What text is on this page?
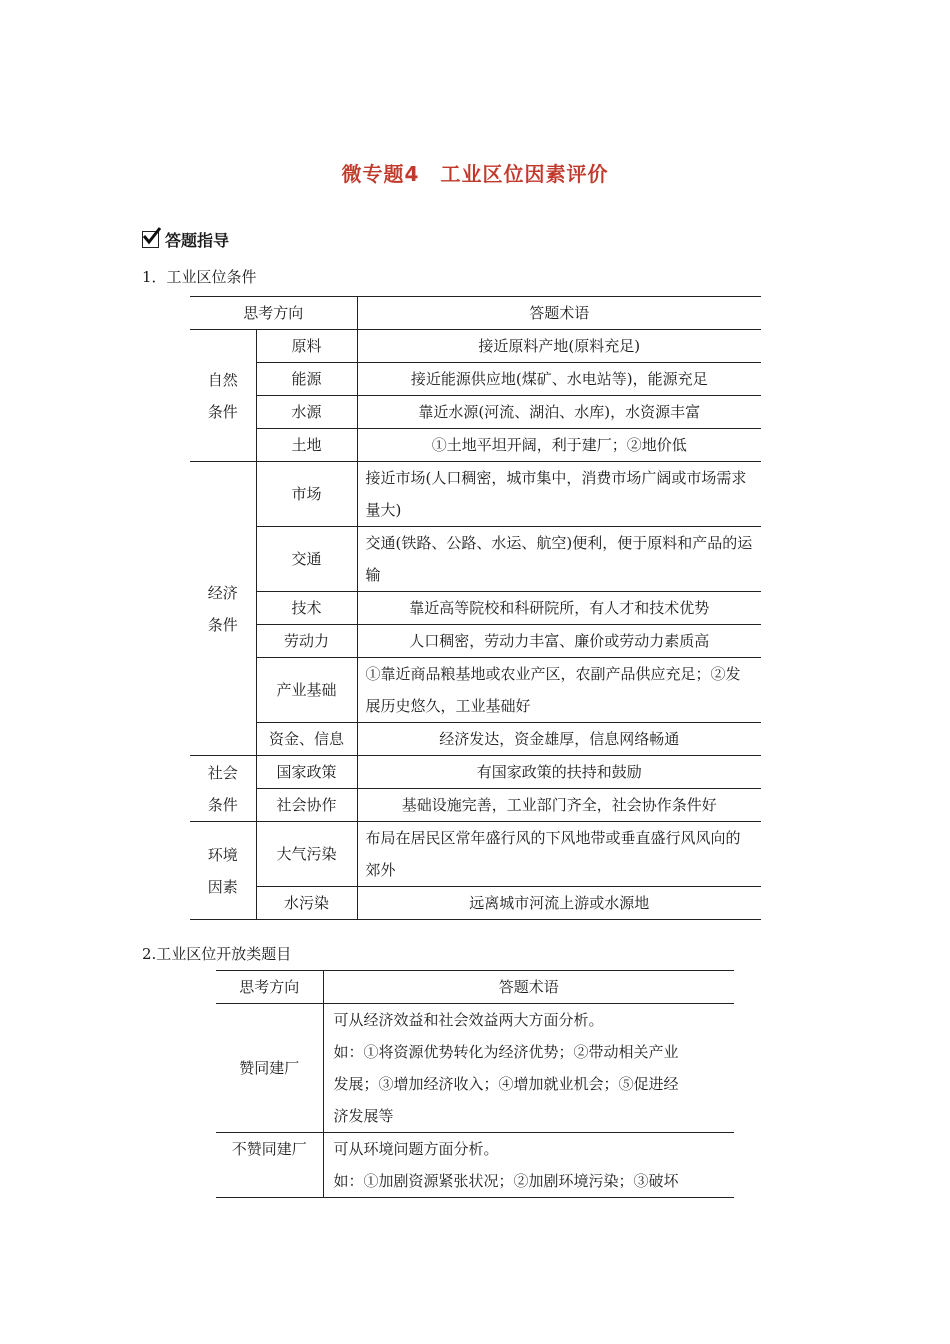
微专题4　工业区位因素评价
答题指导
1．工业区位条件
思考方向		答题术语
自然
条件	原料	接近原料产地(原料充足)
	能源	接近能源供应地(煤矿、水电站等)，能源充足
	水源	靠近水源(河流、湖泊、水库)，水资源丰富
	土地	①土地平坦开阔，利于建厂；②地价低
经济
条件	市场	接近市场(人口稠密，城市集中，消费市场广阔或市场需求量大)
	交通	交通(铁路、公路、水运、航空)便利，便于原料和产品的运输
	技术	靠近高等院校和科研院所，有人才和技术优势
	劳动力	人口稠密，劳动力丰富、廉价或劳动力素质高
	产业基础	①靠近商品粮基地或农业产区，农副产品供应充足；②发展历史悠久，工业基础好
	资金、信息	经济发达，资金雄厚，信息网络畅通
社会
条件	国家政策	有国家政策的扶持和鼓励
	社会协作	基础设施完善，工业部门齐全，社会协作条件好
环境
因素	大气污染	布局在居民区常年盛行风的下风地带或垂直盛行风风向的郊外
	水污染	远离城市河流上游或水源地
2.工业区位开放类题目
思考方向	答题术语
赞同建厂	可从经济效益和社会效益两大方面分析。
如：①将资源优势转化为经济优势；②带动相关产业
发展；③增加经济收入；④增加就业机会；⑤促进经
济发展等

不赞同建厂	可从环境问题方面分析。
如：①加剧资源紧张状况；②加剧环境污染；③破坏
